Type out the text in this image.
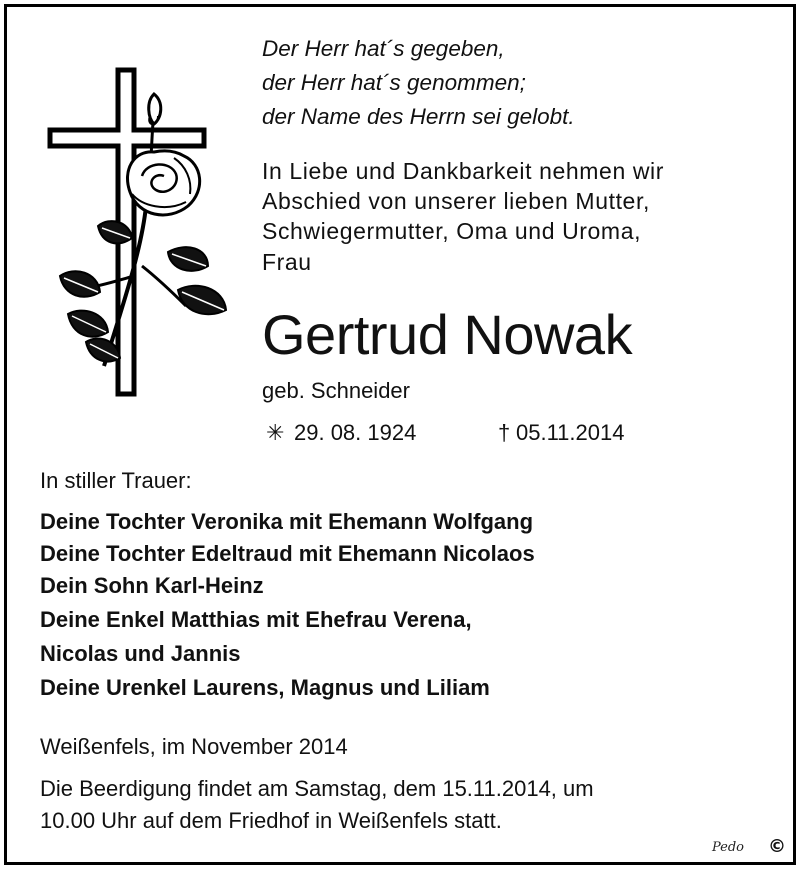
Der Herr hat´s gegeben,
der Herr hat´s genommen;
der Name des Herrn sei gelobt.
In Liebe und Dankbarkeit nehmen wir
Abschied von unserer lieben Mutter,
Schwiegermutter, Oma und Uroma,
Frau
Gertrud Nowak
geb. Schneider
✳ 29. 08. 1924	† 05.11.2014
In stiller Trauer:
Deine Tochter Veronika mit Ehemann Wolfgang
Deine Tochter Edeltraud mit Ehemann Nicolaos
Dein Sohn Karl-Heinz
Deine Enkel Matthias mit Ehefrau Verena,
Nicolas und Jannis
Deine Urenkel Laurens, Magnus und Liliam
Weißenfels, im November 2014
Die Beerdigung findet am Samstag, dem 15.11.2014, um
10.00 Uhr auf dem Friedhof in Weißenfels statt.
Pedo ©
